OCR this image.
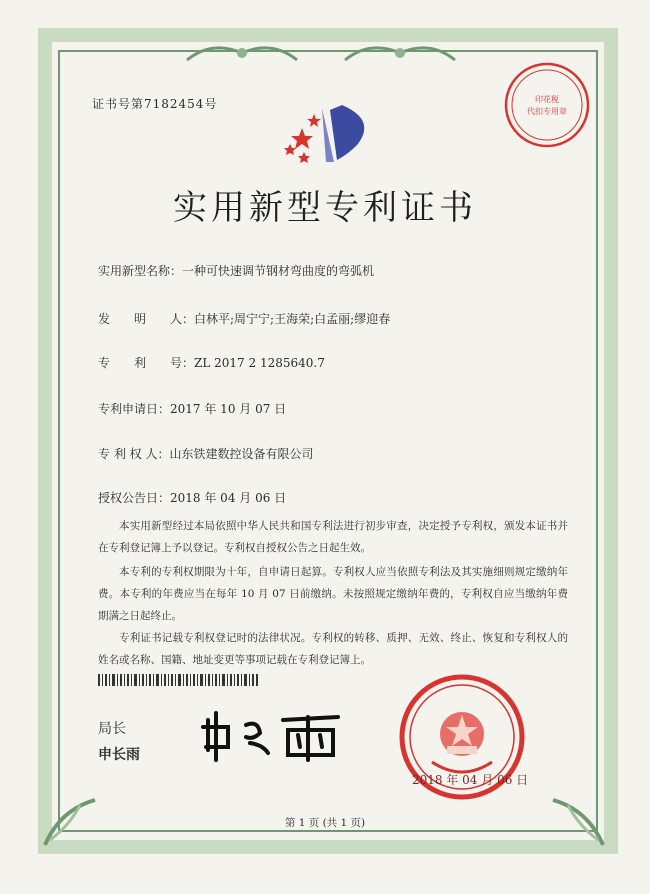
证书号第7182454号	印花税
代扣专用章
实用新型专利证书
实用新型名称：一种可快速调节钢材弯曲度的弯弧机
发　　明　　人：白林平;周宁宁;王海荣;白孟丽;缪迎春
专　　利　　号：ZL 2017 2 1285640.7
专利申请日：2017 年 10 月 07 日
专 利 权 人：山东铁建数控设备有限公司
授权公告日：2018 年 04 月 06 日
本实用新型经过本局依照中华人民共和国专利法进行初步审查，决定授予专利权，颁发本证书并在专利登记簿上予以登记。专利权自授权公告之日起生效。
本专利的专利权期限为十年，自申请日起算。专利权人应当依照专利法及其实施细则规定缴纳年费。本专利的年费应当在每年 10 月 07 日前缴纳。未按照规定缴纳年费的，专利权自应当缴纳年费期满之日起终止。
专利证书记载专利权登记时的法律状况。专利权的转移、质押、无效、终止、恢复和专利权人的姓名或名称、国籍、地址变更等事项记载在专利登记簿上。
局长
申长雨
2018 年 04 月 06 日
第 1 页 (共 1 页)
